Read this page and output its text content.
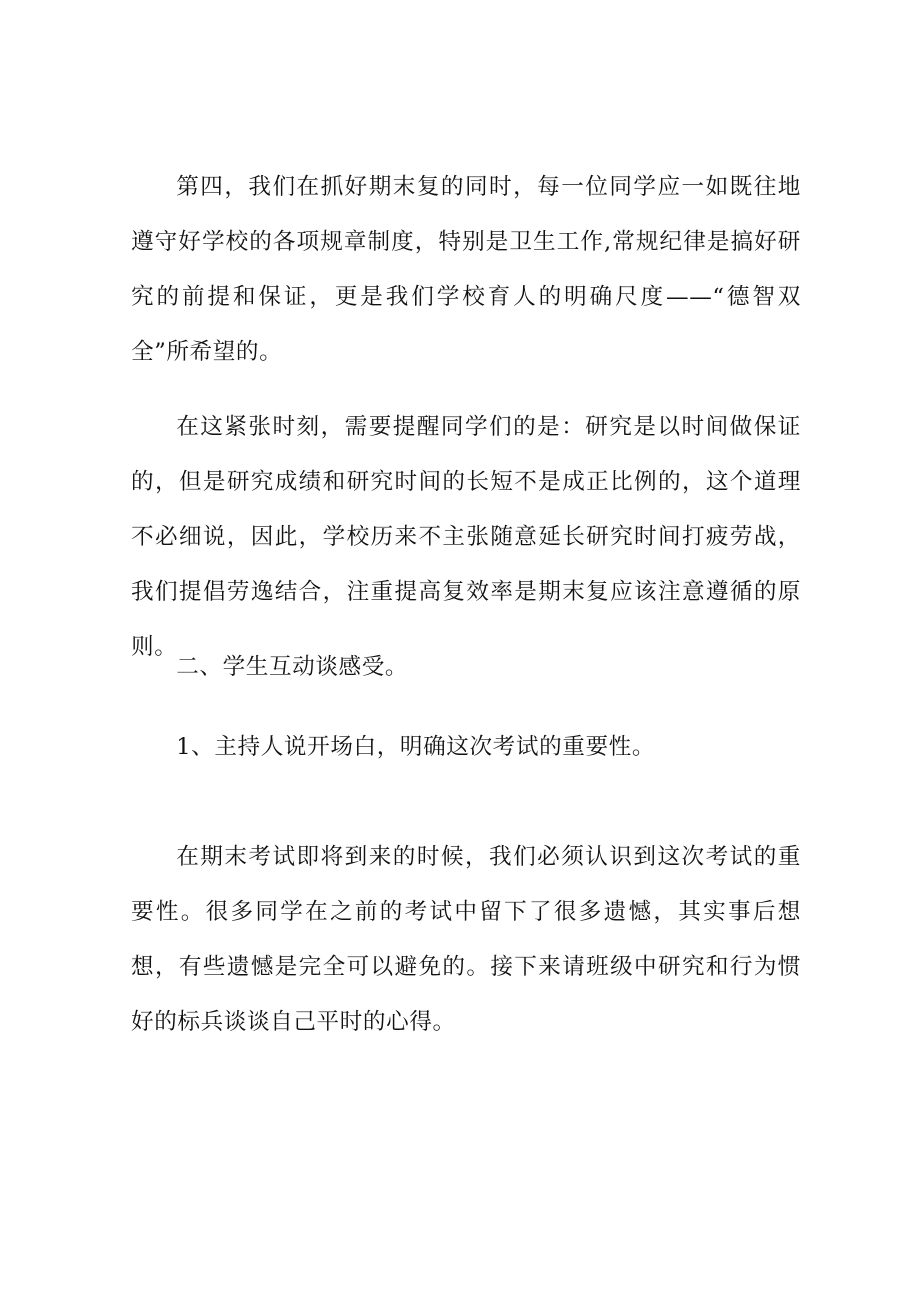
第四，我们在抓好期末复的同时，每一位同学应一如既往地遵守好学校的各项规章制度，特别是卫生工作,常规纪律是搞好研究的前提和保证，更是我们学校育人的明确尺度——“德智双全”所希望的。

在这紧张时刻，需要提醒同学们的是：研究是以时间做保证的，但是研究成绩和研究时间的长短不是成正比例的，这个道理不必细说，因此，学校历来不主张随意延长研究时间打疲劳战，我们提倡劳逸结合，注重提高复效率是期末复应该注意遵循的原则。

二、学生互动谈感受。

1、主持人说开场白，明确这次考试的重要性。

在期末考试即将到来的时候，我们必须认识到这次考试的重要性。很多同学在之前的考试中留下了很多遗憾，其实事后想想，有些遗憾是完全可以避免的。接下来请班级中研究和行为惯好的标兵谈谈自己平时的心得。
